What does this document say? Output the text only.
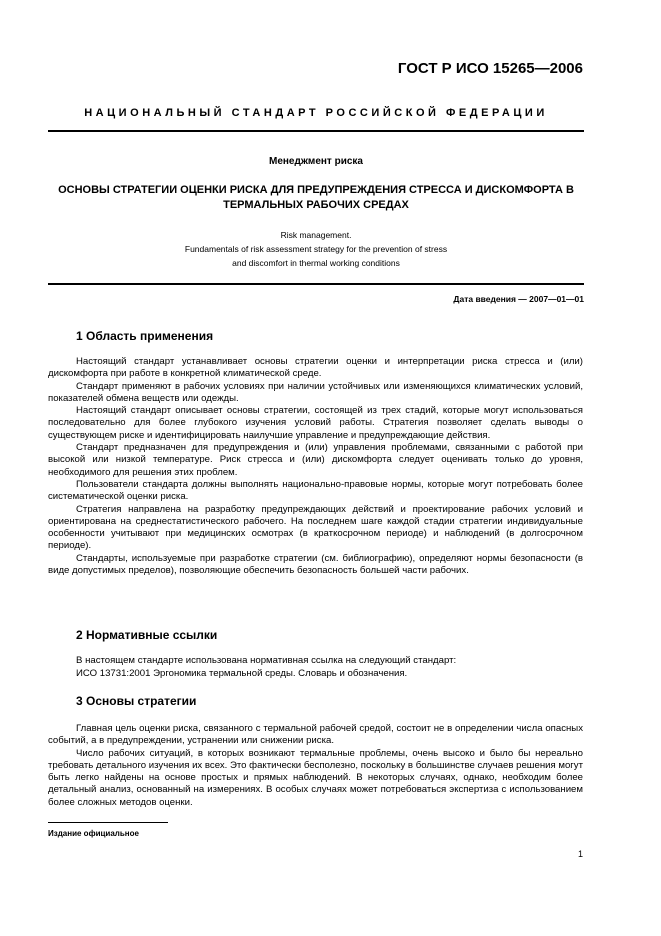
ГОСТ Р ИСО 15265—2006
НАЦИОНАЛЬНЫЙ СТАНДАРТ РОССИЙСКОЙ ФЕДЕРАЦИИ
Менеджмент риска
ОСНОВЫ СТРАТЕГИИ ОЦЕНКИ РИСКА ДЛЯ ПРЕДУПРЕЖДЕНИЯ СТРЕССА И ДИСКОМФОРТА В
ТЕРМАЛЬНЫХ РАБОЧИХ СРЕДАХ
Risk management.
Fundamentals of risk assessment strategy for the prevention of stress
and discomfort in thermal working conditions
Дата введения — 2007—01—01
1 Область применения

Настоящий стандарт устанавливает основы стратегии оценки и интерпретации риска стресса и (или) дискомфорта при работе в конкретной климатической среде.

Стандарт применяют в рабочих условиях при наличии устойчивых или изменяющихся климатических условий, показателей обмена веществ или одежды.

Настоящий стандарт описывает основы стратегии, состоящей из трех стадий, которые могут использоваться последовательно для более глубокого изучения условий работы. Стратегия позволяет сделать выводы о существующем риске и идентифицировать наилучшие управление и предупреждающие действия.

Стандарт предназначен для предупреждения и (или) управления проблемами, связанными с работой при высокой или низкой температуре. Риск стресса и (или) дискомфорта следует оценивать только до уровня, необходимого для решения этих проблем.

Пользователи стандарта должны выполнять национально-правовые нормы, которые могут потребовать более систематической оценки риска.

Стратегия направлена на разработку предупреждающих действий и проектирование рабочих условий и ориентирована на среднестатистического рабочего. На последнем шаге каждой стадии стратегии индивидуальные особенности учитывают при медицинских осмотрах (в краткосрочном периоде) и наблюдений (в долгосрочном периоде).

Стандарты, используемые при разработке стратегии (см. библиографию), определяют нормы безопасности (в виде допустимых пределов), позволяющие обеспечить безопасность большей части рабочих.

2 Нормативные ссылки
В настоящем стандарте использована нормативная ссылка на следующий стандарт:
ИСО 13731:2001 Эргономика термальной среды. Словарь и обозначения.
3 Основы стратегии

Главная цель оценки риска, связанного с термальной рабочей средой, состоит не в определении числа опасных событий, а в предупреждении, устранении или снижении риска.

Число рабочих ситуаций, в которых возникают термальные проблемы, очень высоко и было бы нереально требовать детального изучения их всех. Это фактически бесполезно, поскольку в большинстве случаев решения могут быть легко найдены на основе простых и прямых наблюдений. В некоторых случаях, однако, необходим более детальный анализ, основанный на измерениях. В особых случаях может потребоваться экспертиза с использованием более сложных методов оценки.

Издание официальное
1
